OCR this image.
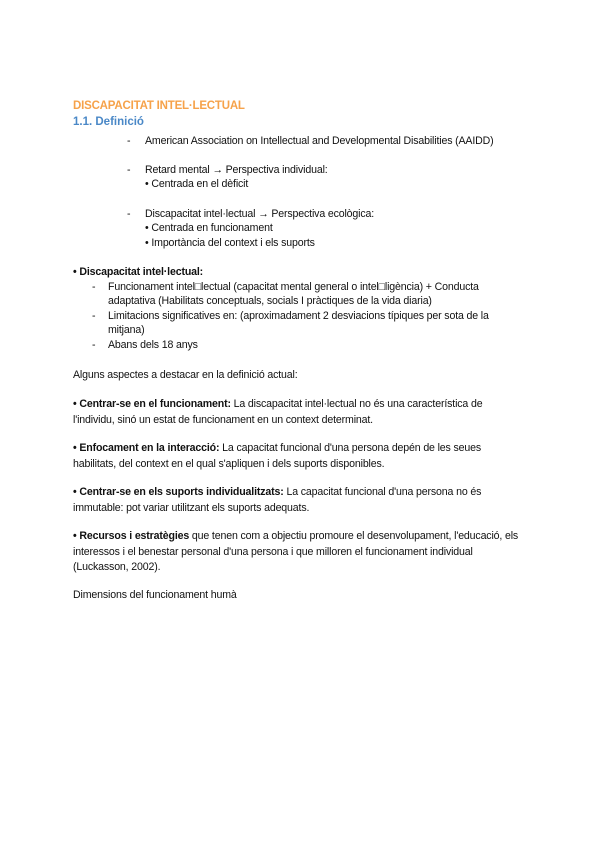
DISCAPACITAT INTEL·LECTUAL
1.1. Definició
- American Association on Intellectual and Developmental Disabilities (AAIDD)
- Retard mental → Perspectiva individual:
• Centrada en el dèficit
- Discapacitat intel·lectual → Perspectiva ecològica:
• Centrada en funcionament
• Importància del context i els suports
• Discapacitat intel·lectual:
- Funcionament intel□lectual (capacitat mental general o intel□ligència) + Conducta
adaptativa (Habilitats conceptuals, socials I pràctiques de la vida diaria)
- Limitacions significatives en: (aproximadament 2 desviacions típiques per sota de la
mitjana)
- Abans dels 18 anys
Alguns aspectes a destacar en la definició actual:
• Centrar-se en el funcionament: La discapacitat intel·lectual no és una característica de l'individu, sinó un estat de funcionament en un context determinat.
• Enfocament en la interacció: La capacitat funcional d'una persona depén de les seues habilitats, del context en el qual s'apliquen i dels suports disponibles.
• Centrar-se en els suports individualitzats: La capacitat funcional d'una persona no és immutable: pot variar utilitzant els suports adequats.
• Recursos i estratègies que tenen com a objectiu promoure el desenvolupament, l'educació, els interessos i el benestar personal d'una persona i que milloren el funcionament individual (Luckasson, 2002).
Dimensions del funcionament humà
